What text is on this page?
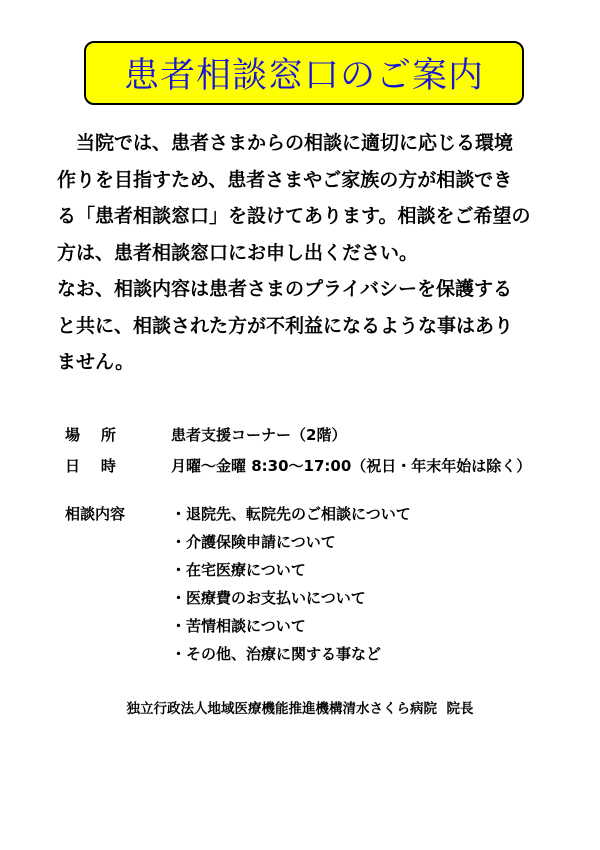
患者相談窓口のご案内

当院では、患者さまからの相談に適切に応じる環境
作りを目指すため、患者さまやご家族の方が相談でき
る「患者相談窓口」を設けてあります。相談をご希望の
方は、患者相談窓口にお申し出ください。

なお、相談内容は患者さまのプライバシーを保護する
と共に、相談された方が不利益になるような事はあり
ません。

場    所	患者支援コーナー（2階）
日    時	月曜～金曜 8:30～17:00（祝日・年末年始は除く）
相談内容	・退院先、転院先のご相談について
・介護保険申請について
・在宅医療について
・医療費のお支払いについて
・苦情相談について
・その他、治療に関する事など
独立行政法人地域医療機能推進機構清水さくら病院  院長
